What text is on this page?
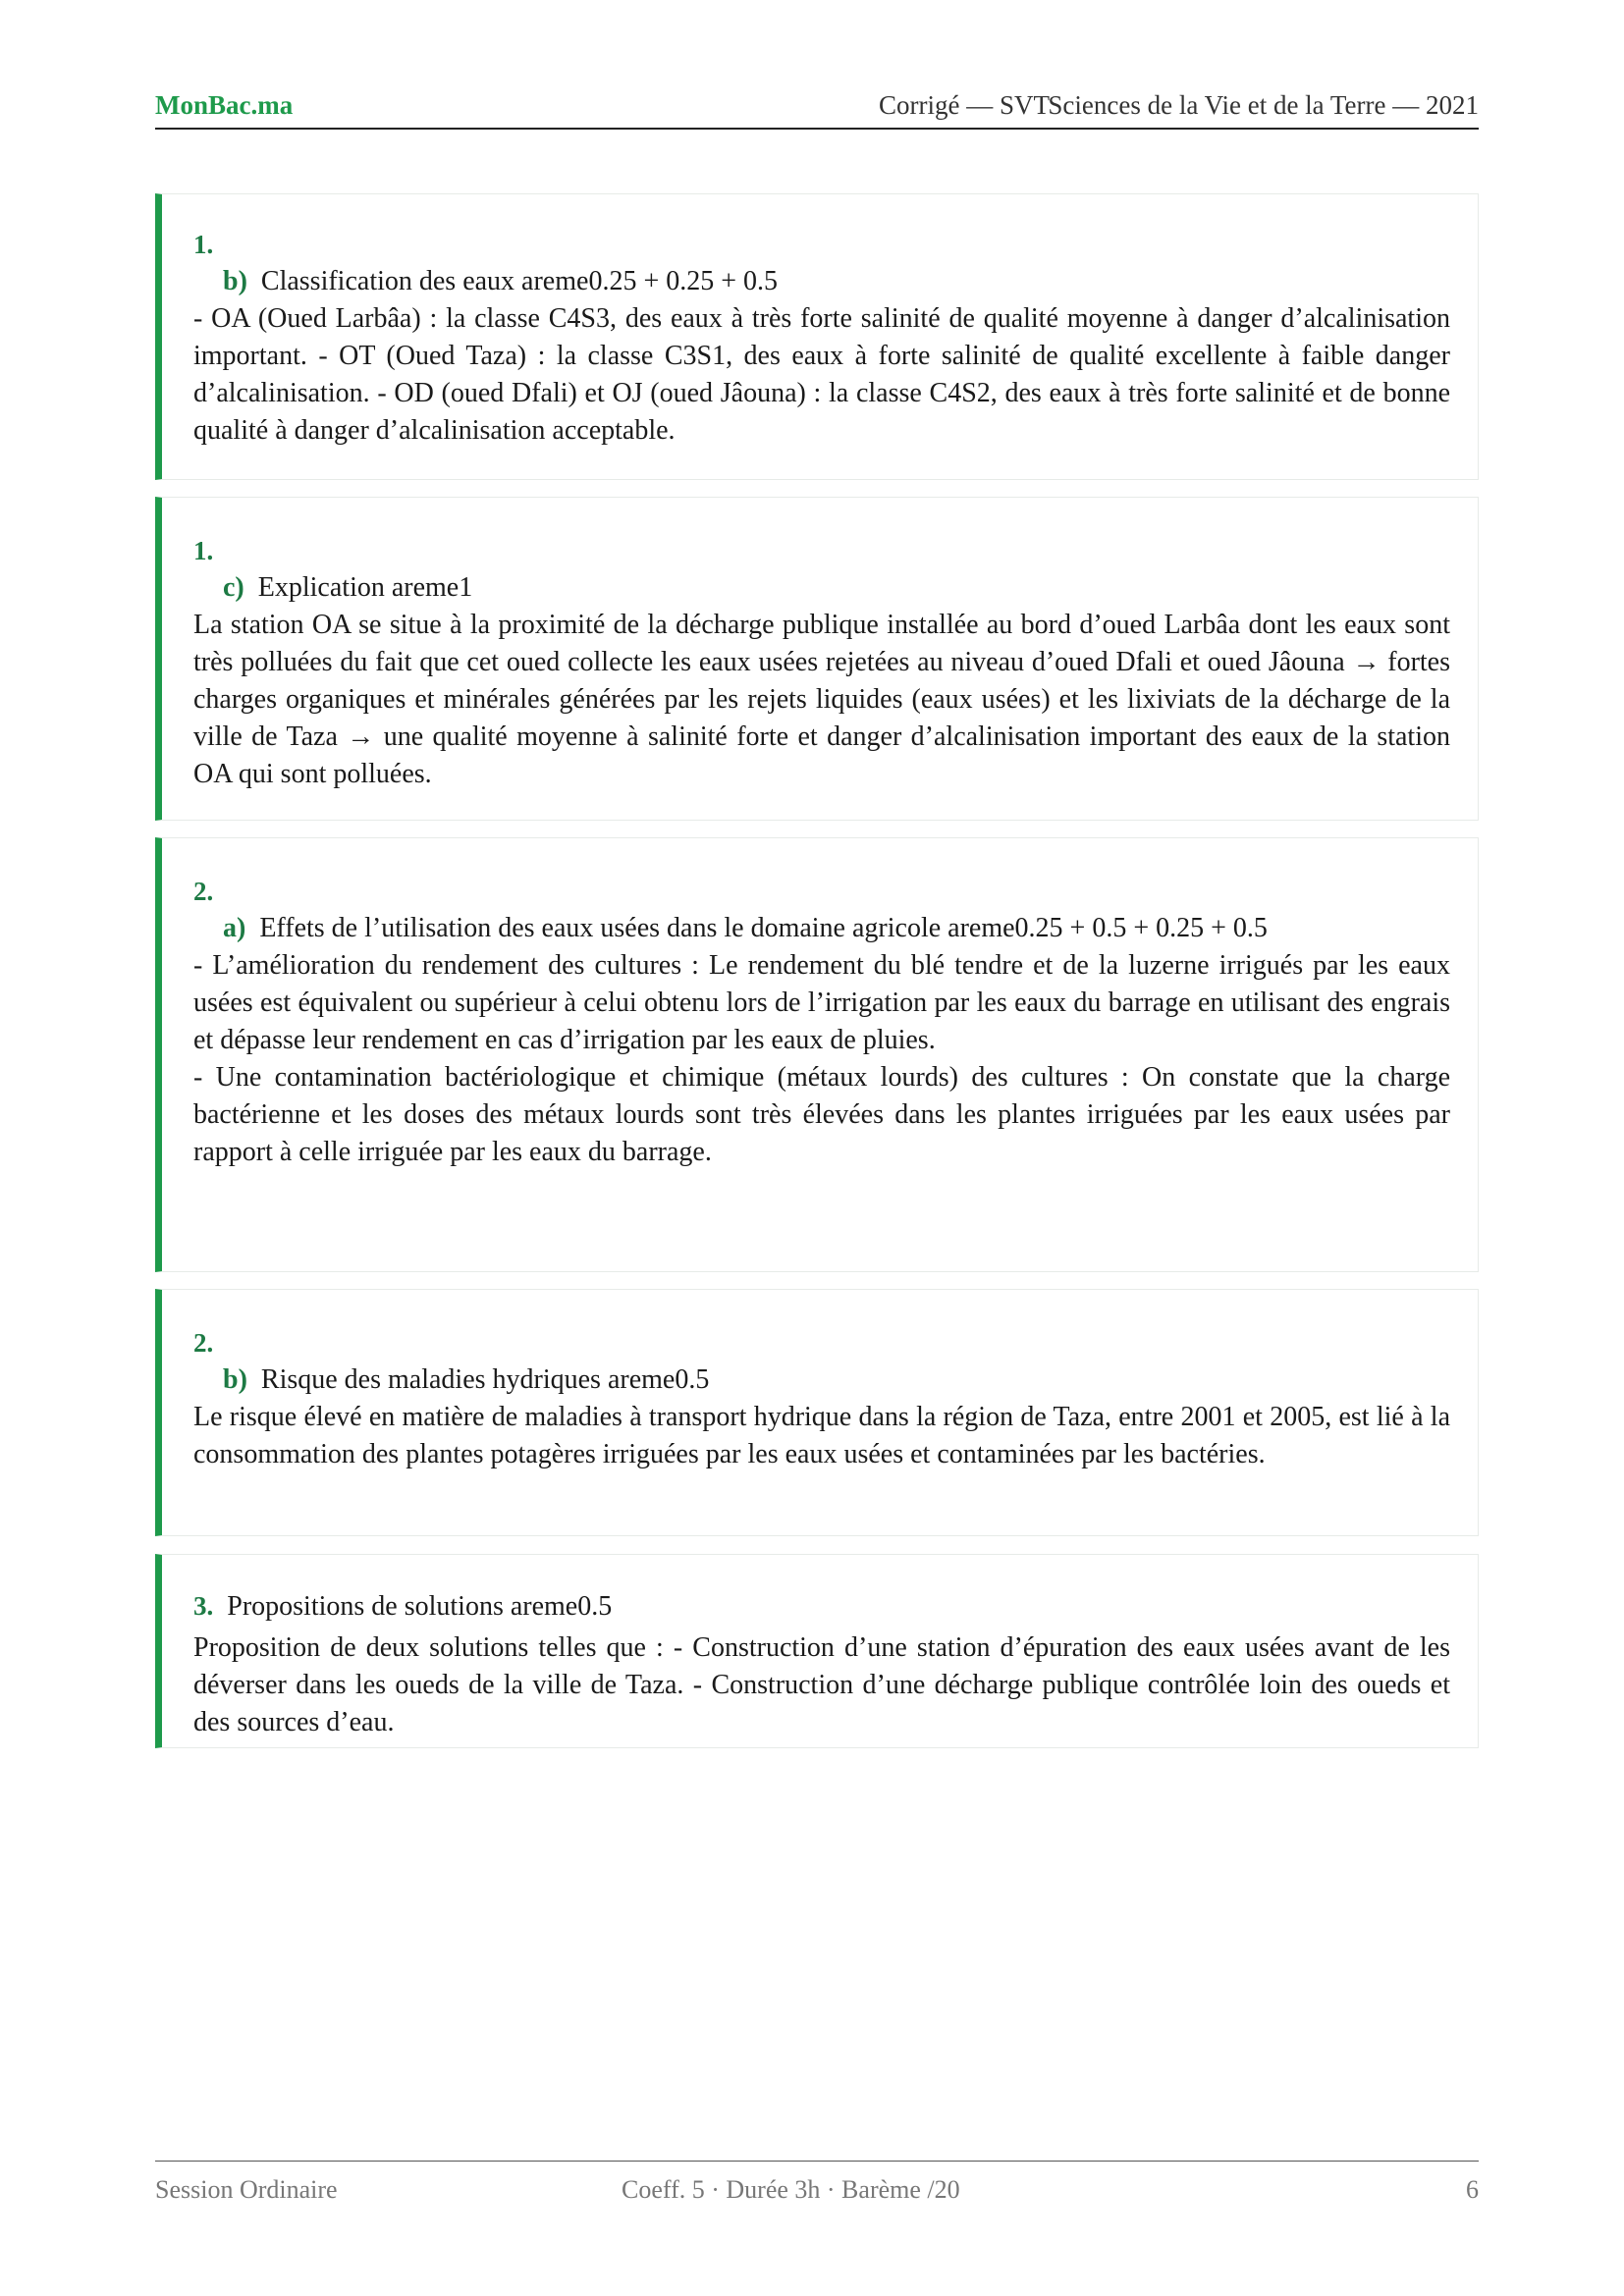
MonBac.ma	Corrigé — SVT
Sciences de la Vie et de la Terre — 2021
1.
b) Classification des eaux areme0.25 + 0.25 + 0.5
- OA (Oued Larbâa) : la classe C4S3, des eaux à très forte salinité de qualité moyenne à danger d’alcalinisation important. - OT (Oued Taza) : la classe C3S1, des eaux à forte salinité de qualité excellente à faible danger d’alcalinisation. - OD (oued Dfali) et OJ (oued Jâouna) : la classe C4S2, des eaux à très forte salinité et de bonne qualité à danger d’alcalinisation acceptable.
1.
c) Explication areme1
La station OA se situe à la proximité de la décharge publique installée au bord d’oued Larbâa dont les eaux sont très polluées du fait que cet oued collecte les eaux usées rejetées au niveau d’oued Dfali et oued Jâouna → fortes charges organiques et minérales générées par les rejets liquides (eaux usées) et les lixiviats de la décharge de la ville de Taza → une qualité moyenne à salinité forte et danger d’alcalinisation important des eaux de la station OA qui sont polluées.
2.
a) Effets de l’utilisation des eaux usées dans le domaine agricole areme0.25 + 0.5 + 0.25 + 0.5
- L’amélioration du rendement des cultures : Le rendement du blé tendre et de la luzerne irrigués par les eaux usées est équivalent ou supérieur à celui obtenu lors de l’irrigation par les eaux du barrage en utilisant des engrais et dépasse leur rendement en cas d’irrigation par les eaux de pluies.
- Une contamination bactériologique et chimique (métaux lourds) des cultures : On constate que la charge bactérienne et les doses des métaux lourds sont très élevées dans les plantes irriguées par les eaux usées par rapport à celle irriguée par les eaux du barrage.
2.
b) Risque des maladies hydriques areme0.5
Le risque élevé en matière de maladies à transport hydrique dans la région de Taza, entre 2001 et 2005, est lié à la consommation des plantes potagères irriguées par les eaux usées et contaminées par les bactéries.
3. Propositions de solutions areme0.5
Proposition de deux solutions telles que : - Construction d’une station d’épuration des eaux usées avant de les déverser dans les oueds de la ville de Taza. - Construction d’une décharge publique contrôlée loin des oueds et des sources d’eau.
Session Ordinaire	Coeff. 5 · Durée 3h · Barème /20	6
